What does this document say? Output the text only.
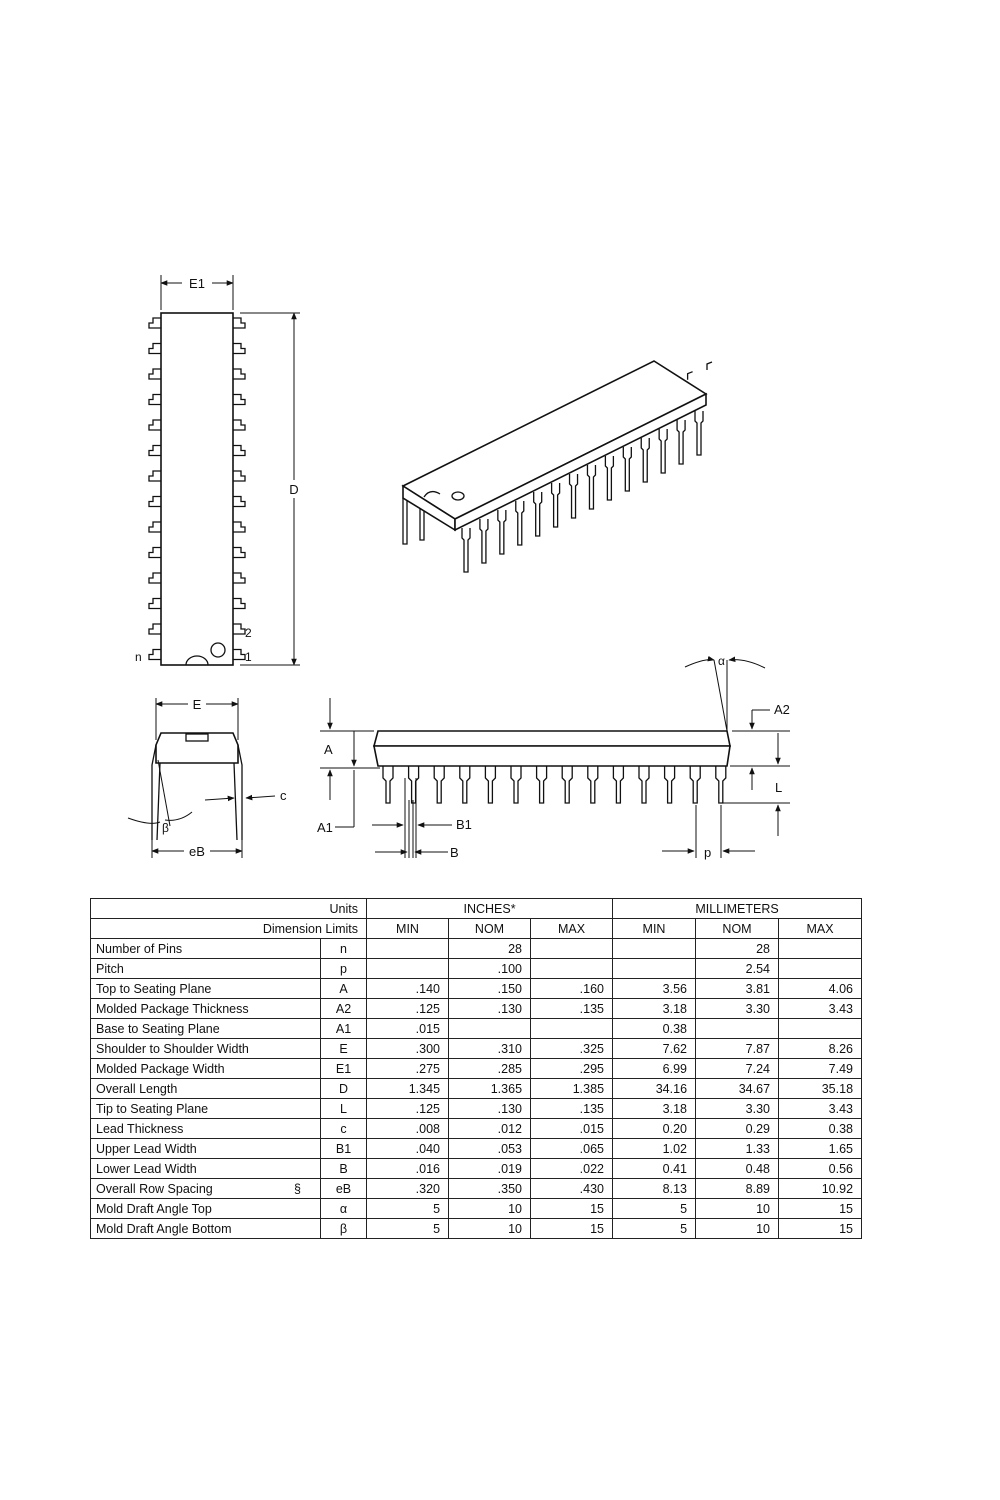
E1
D
n
2
1
E
c
β
eB
A
A1	B1
B	p
α
A2
L
Units		INCHES*			MILLIMETERS		
Dimension Limits		MIN	NOM	MAX	MIN	NOM	MAX

Number of Pins	n		28			28	

Pitch	p		.100			2.54	

Top to Seating Plane	A	.140	.150	.160	3.56	3.81	4.06

Molded Package Thickness	A2	.125	.130	.135	3.18	3.30	3.43

Base to Seating Plane	A1	.015			0.38		

Shoulder to Shoulder Width	E	.300	.310	.325	7.62	7.87	8.26

Molded Package Width	E1	.275	.285	.295	6.99	7.24	7.49

Overall Length	D	1.345	1.365	1.385	34.16	34.67	35.18

Tip to Seating Plane	L	.125	.130	.135	3.18	3.30	3.43

Lead Thickness	c	.008	.012	.015	0.20	0.29	0.38

Upper Lead Width	B1	.040	.053	.065	1.02	1.33	1.65

Lower Lead Width	B	.016	.019	.022	0.41	0.48	0.56

Overall Row Spacing §	eB	.320	.350	.430	8.13	8.89	10.92

Mold Draft Angle Top	α	5	10	15	5	10	15

Mold Draft Angle Bottom	β	5	10	15	5	10	15
